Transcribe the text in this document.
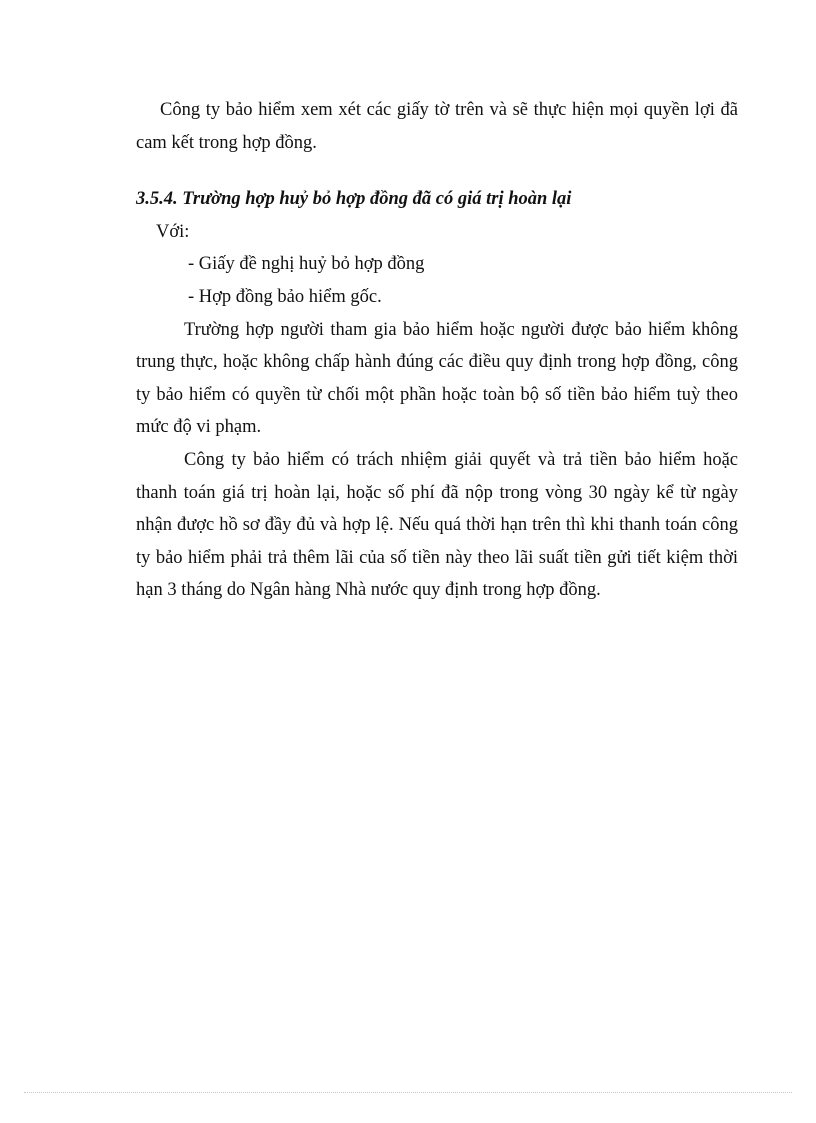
Công ty bảo hiểm xem xét các giấy tờ trên và sẽ thực hiện mọi quyền lợi đã cam kết trong hợp đồng.

3.5.4. Trường hợp huỷ bỏ hợp đồng đã có giá trị hoàn lại

Với:

- Giấy đề nghị huỷ bỏ hợp đồng

- Hợp đồng bảo hiểm gốc.

Trường hợp người tham gia bảo hiểm hoặc người được bảo hiểm không trung thực, hoặc không chấp hành đúng các điều quy định trong hợp đồng, công ty bảo hiểm có quyền từ chối một phần hoặc toàn bộ số tiền bảo hiểm tuỳ theo mức độ vi phạm.

Công ty bảo hiểm có trách nhiệm giải quyết và trả tiền bảo hiểm hoặc thanh toán giá trị hoàn lại, hoặc số phí đã nộp trong vòng 30 ngày kể từ ngày nhận được hồ sơ đầy đủ và hợp lệ. Nếu quá thời hạn trên thì khi thanh toán công ty bảo hiểm phải trả thêm lãi của số tiền này theo lãi suất tiền gửi tiết kiệm thời hạn 3 tháng do Ngân hàng Nhà nước quy định trong hợp đồng.
